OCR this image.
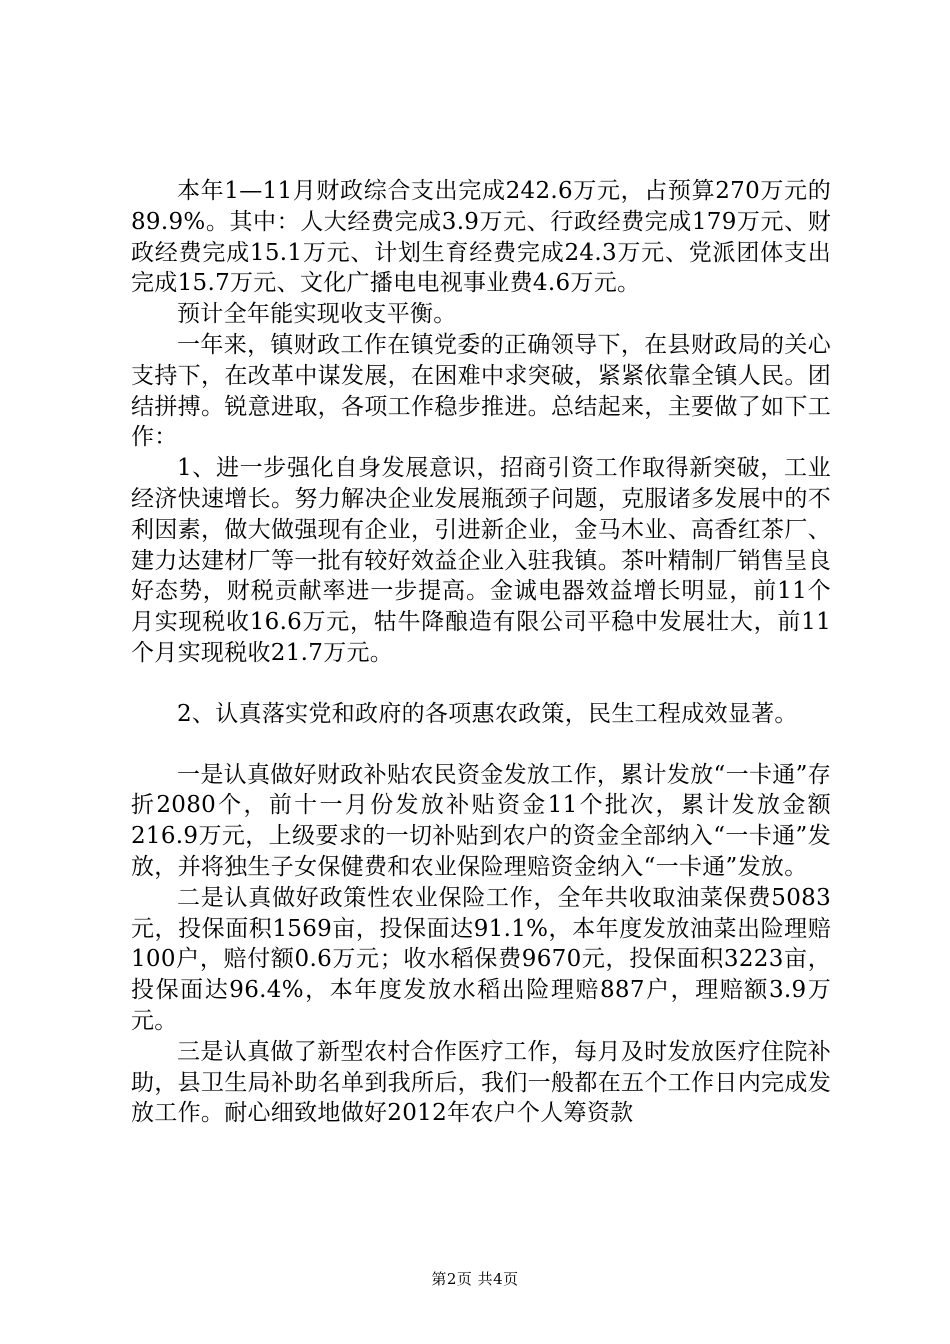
本年1—11月财政综合支出完成242.6万元，占预算270万元的89.9%。其中：人大经费完成3.9万元、行政经费完成179万元、财政经费完成15.1万元、计划生育经费完成24.3万元、党派团体支出完成15.7万元、文化广播电电视事业费4.6万元。

预计全年能实现收支平衡。

一年来，镇财政工作在镇党委的正确领导下，在县财政局的关心支持下，在改革中谋发展，在困难中求突破，紧紧依靠全镇人民。团结拼搏。锐意进取，各项工作稳步推进。总结起来，主要做了如下工作：

1、进一步强化自身发展意识，招商引资工作取得新突破，工业经济快速增长。努力解决企业发展瓶颈子问题，克服诸多发展中的不利因素，做大做强现有企业，引进新企业，金马木业、高香红茶厂、建力达建材厂等一批有较好效益企业入驻我镇。茶叶精制厂销售呈良好态势，财税贡献率进一步提高。金诚电器效益增长明显，前11个月实现税收16.6万元，牯牛降酿造有限公司平稳中发展壮大，前11个月实现税收21.7万元。

2、认真落实党和政府的各项惠农政策，民生工程成效显著。

一是认真做好财政补贴农民资金发放工作，累计发放“一卡通”存折2080个，前十一月份发放补贴资金11个批次，累计发放金额216.9万元，上级要求的一切补贴到农户的资金全部纳入“一卡通”发放，并将独生子女保健费和农业保险理赔资金纳入“一卡通”发放。

二是认真做好政策性农业保险工作，全年共收取油菜保费5083元，投保面积1569亩，投保面达91.1%，本年度发放油菜出险理赔100户，赔付额0.6万元；收水稻保费9670元，投保面积3223亩，投保面达96.4%，本年度发放水稻出险理赔887户，理赔额3.9万元。

三是认真做了新型农村合作医疗工作，每月及时发放医疗住院补助，县卫生局补助名单到我所后，我们一般都在五个工作日内完成发放工作。耐心细致地做好2012年农户个人筹资款

第2页 共4页
